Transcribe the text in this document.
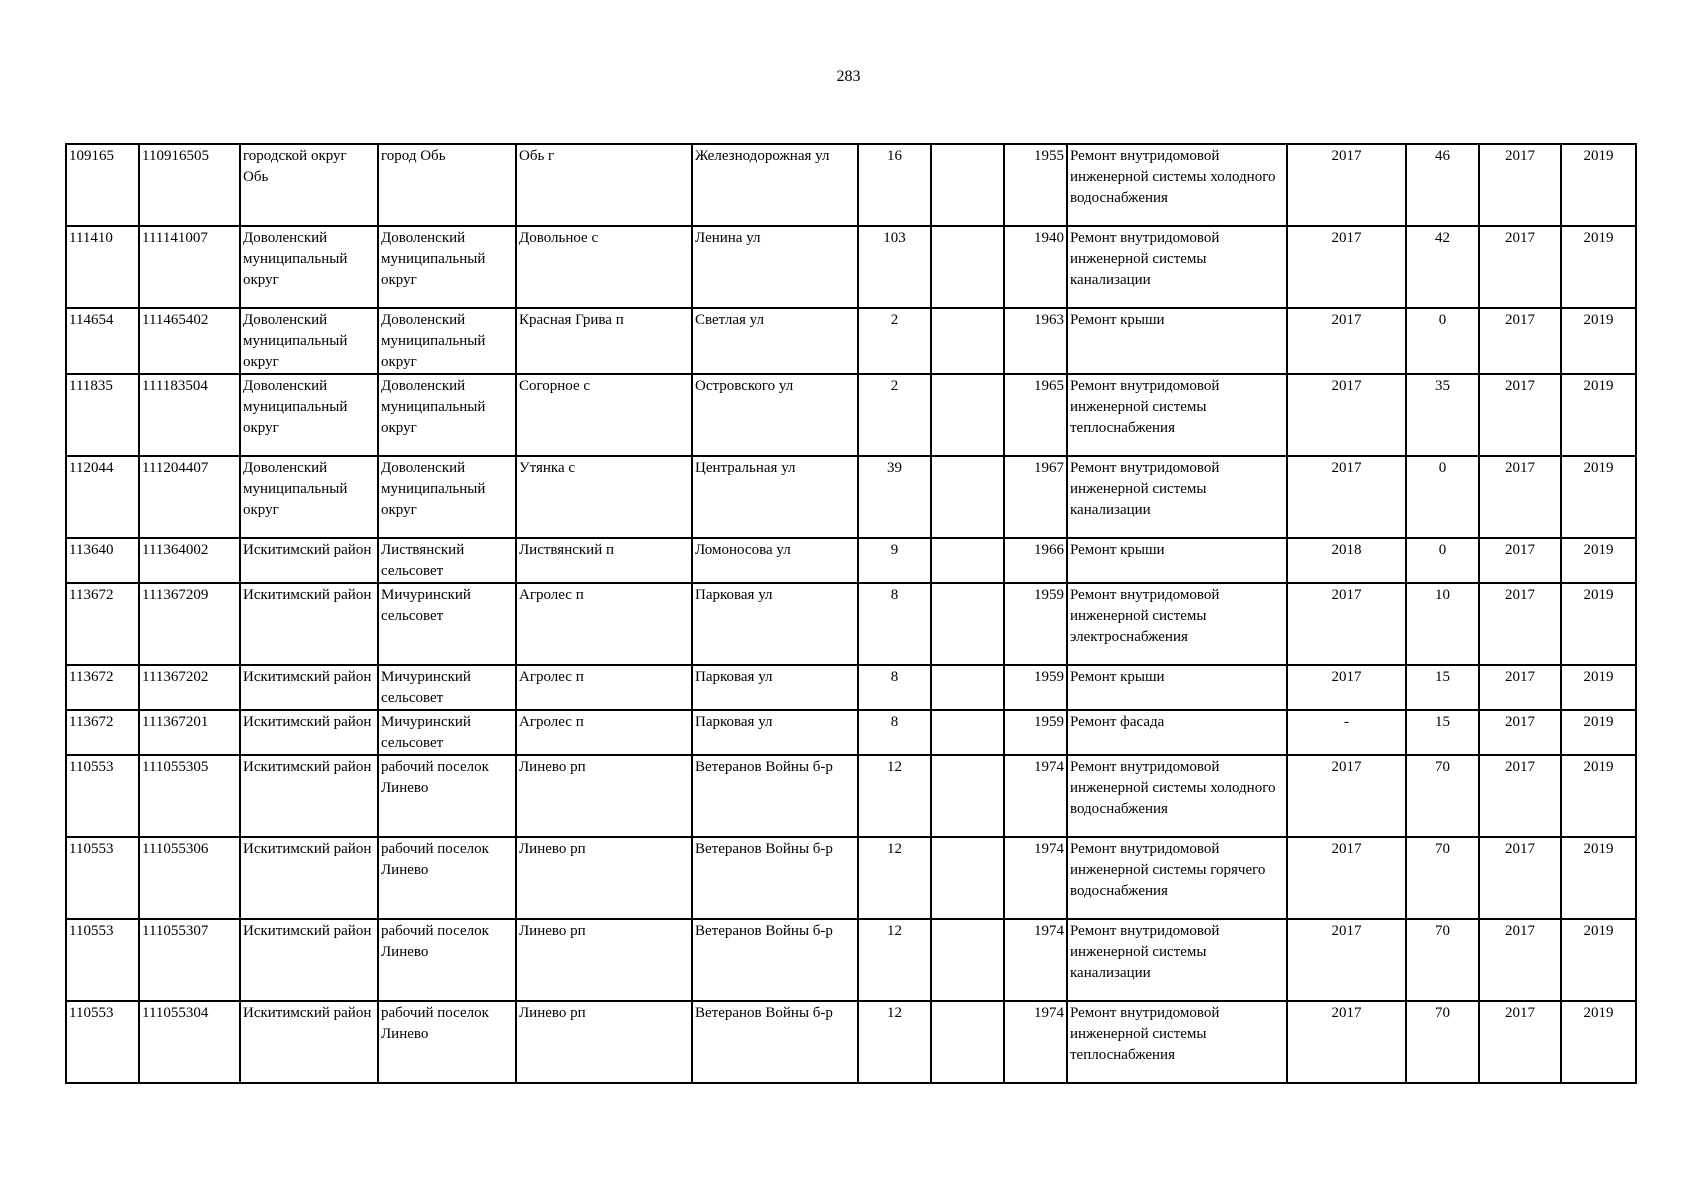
283
109165	110916505	городской округ Обь	город Обь	Обь г	Железнодорожная ул	16		1955	Ремонт внутридомовой инженерной системы холодного водоснабжения	2017	46	2017	2019
111410	111141007	Доволенский муниципальный округ	Доволенский муниципальный округ	Довольное с	Ленина ул	103		1940	Ремонт внутридомовой инженерной системы канализации	2017	42	2017	2019
114654	111465402	Доволенский муниципальный округ	Доволенский муниципальный округ	Красная Грива п	Светлая ул	2		1963	Ремонт крыши	2017	0	2017	2019
111835	111183504	Доволенский муниципальный округ	Доволенский муниципальный округ	Согорное с	Островского ул	2		1965	Ремонт внутридомовой инженерной системы теплоснабжения	2017	35	2017	2019
112044	111204407	Доволенский муниципальный округ	Доволенский муниципальный округ	Утянка с	Центральная ул	39		1967	Ремонт внутридомовой инженерной системы канализации	2017	0	2017	2019
113640	111364002	Искитимский район	Листвянский сельсовет	Листвянский п	Ломоносова ул	9		1966	Ремонт крыши	2018	0	2017	2019
113672	111367209	Искитимский район	Мичуринский сельсовет	Агролес п	Парковая ул	8		1959	Ремонт внутридомовой инженерной системы электроснабжения	2017	10	2017	2019
113672	111367202	Искитимский район	Мичуринский сельсовет	Агролес п	Парковая ул	8		1959	Ремонт крыши	2017	15	2017	2019
113672	111367201	Искитимский район	Мичуринский сельсовет	Агролес п	Парковая ул	8		1959	Ремонт фасада	-	15	2017	2019
110553	111055305	Искитимский район	рабочий поселок Линево	Линево рп	Ветеранов Войны б-р	12		1974	Ремонт внутридомовой инженерной системы холодного водоснабжения	2017	70	2017	2019
110553	111055306	Искитимский район	рабочий поселок Линево	Линево рп	Ветеранов Войны б-р	12		1974	Ремонт внутридомовой инженерной системы горячего водоснабжения	2017	70	2017	2019
110553	111055307	Искитимский район	рабочий поселок Линево	Линево рп	Ветеранов Войны б-р	12		1974	Ремонт внутридомовой инженерной системы канализации	2017	70	2017	2019
110553	111055304	Искитимский район	рабочий поселок Линево	Линево рп	Ветеранов Войны б-р	12		1974	Ремонт внутридомовой инженерной системы теплоснабжения	2017	70	2017	2019
